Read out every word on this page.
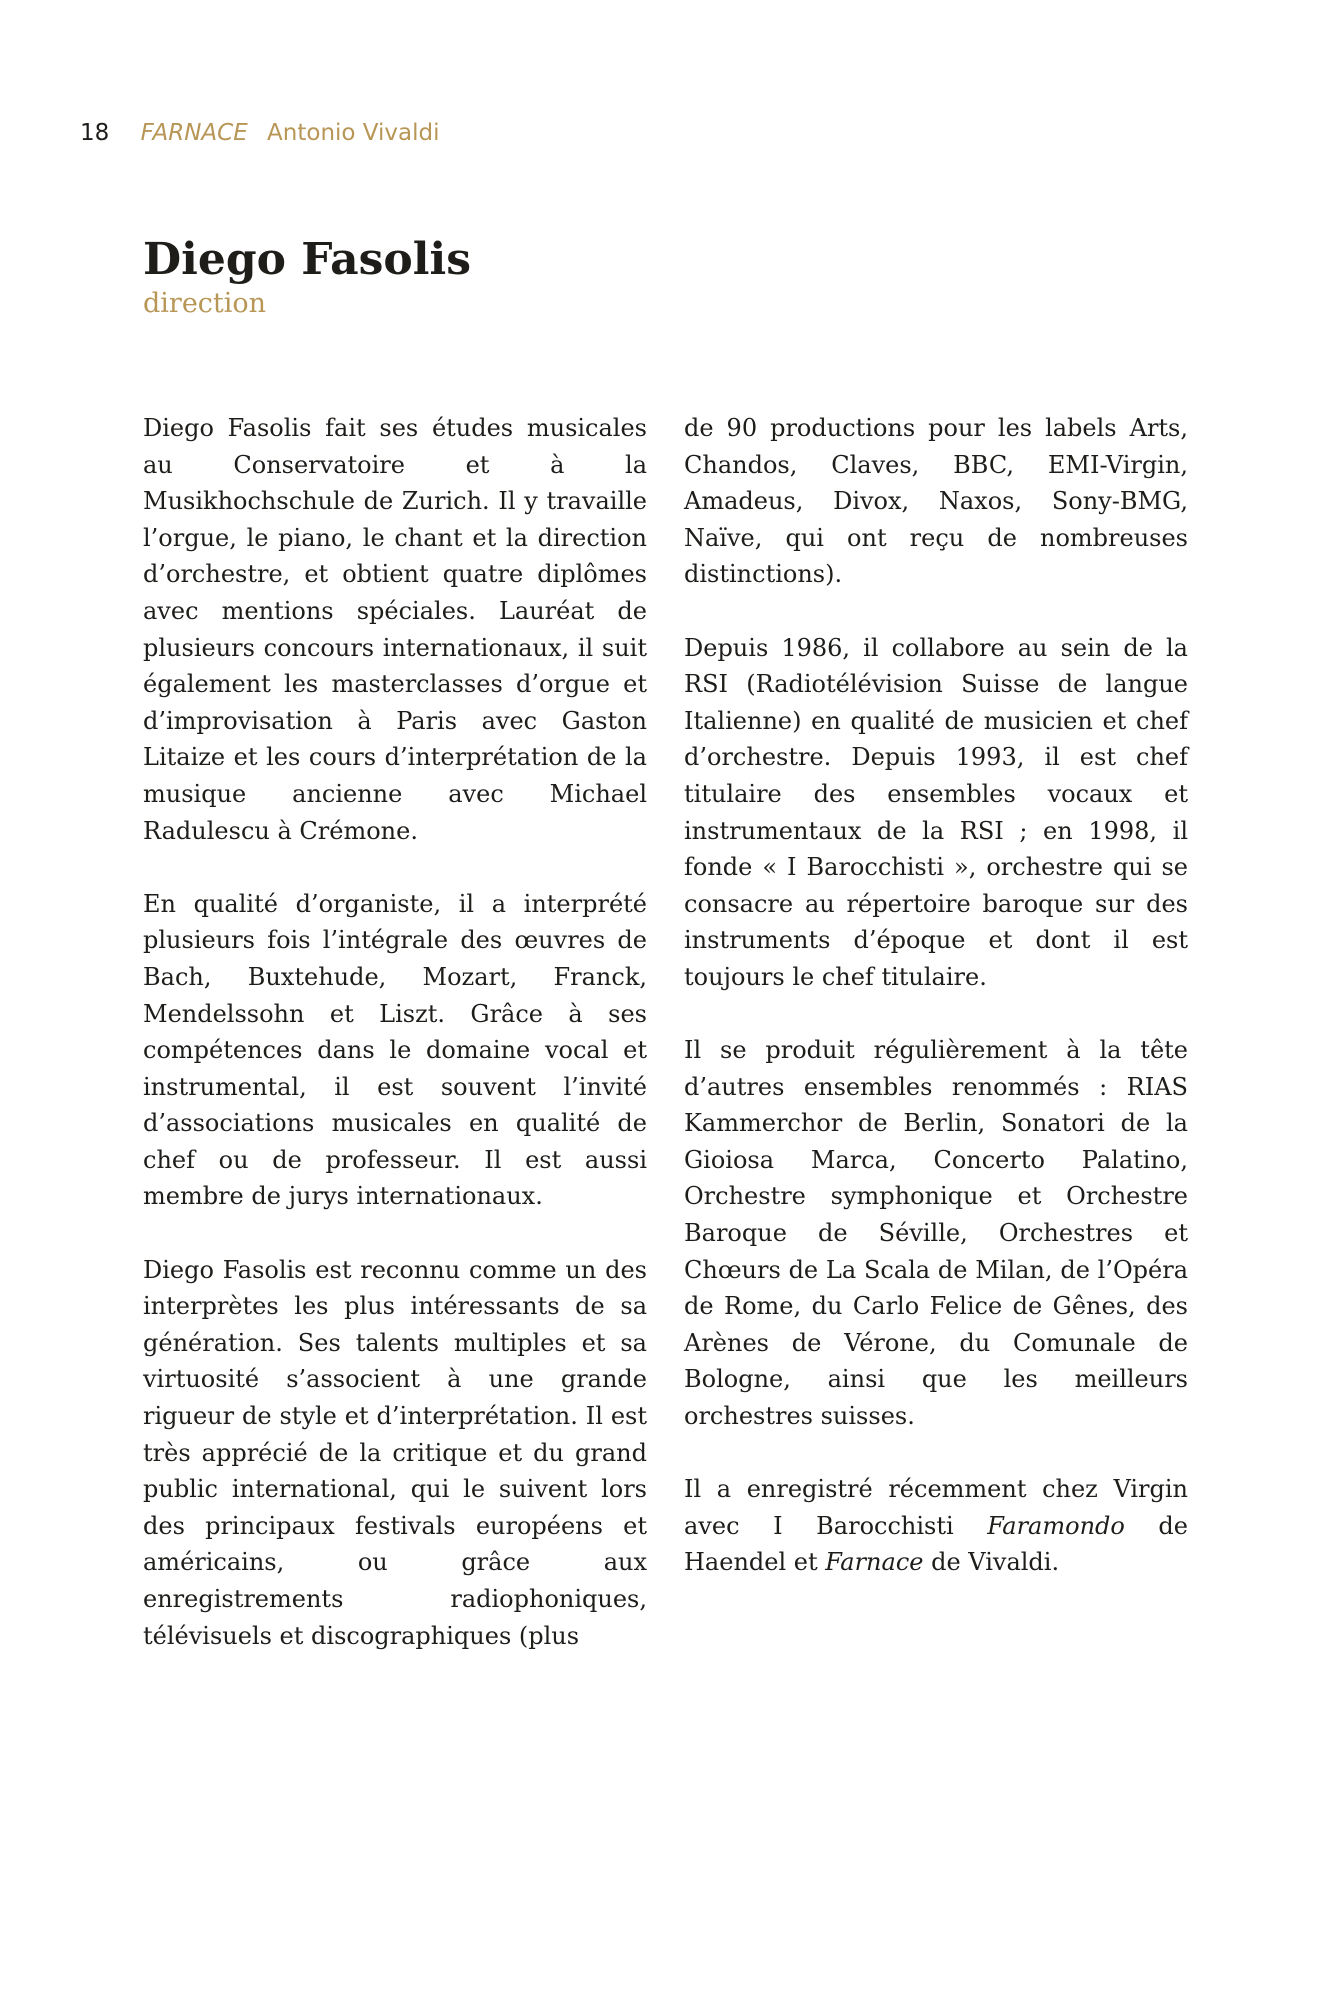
18 FARNACE Antonio Vivaldi
Diego Fasolis
direction

Diego Fasolis fait ses études musicales au Conservatoire et à la Musikhochschule de Zurich. Il y travaille l’orgue, le piano, le chant et la direction d’orchestre, et obtient quatre diplômes avec mentions spéciales. Lauréat de plusieurs concours internationaux, il suit également les masterclasses d’orgue et d’improvisation à Paris avec Gaston Litaize et les cours d’interprétation de la musique ancienne avec Michael Radulescu à Crémone.

En qualité d’organiste, il a interprété plusieurs fois l’intégrale des œuvres de Bach, Buxtehude, Mozart, Franck, Mendelssohn et Liszt. Grâce à ses compétences dans le domaine vocal et instrumental, il est souvent l’invité d’associations musicales en qualité de chef ou de professeur. Il est aussi membre de jurys internationaux.

Diego Fasolis est reconnu comme un des interprètes les plus intéressants de sa génération. Ses talents multiples et sa virtuosité s’associent à une grande rigueur de style et d’interprétation. Il est très apprécié de la critique et du grand public international, qui le suivent lors des principaux festivals européens et américains, ou grâce aux enregistrements radiophoniques, télévisuels et discographiques (plus

de 90 productions pour les labels Arts, Chandos, Claves, BBC, EMI-Virgin, Amadeus, Divox, Naxos, Sony-BMG, Naïve, qui ont reçu de nombreuses distinctions).

Depuis 1986, il collabore au sein de la RSI (Radiotélévision Suisse de langue Italienne) en qualité de musicien et chef d’orchestre. Depuis 1993, il est chef titulaire des ensembles vocaux et instrumentaux de la RSI ; en 1998, il fonde « I Barocchisti », orchestre qui se consacre au répertoire baroque sur des instruments d’époque et dont il est toujours le chef titulaire.

Il se produit régulièrement à la tête d’autres ensembles renommés : RIAS Kammerchor de Berlin, Sonatori de la Gioiosa Marca, Concerto Palatino, Orchestre symphonique et Orchestre Baroque de Séville, Orchestres et Chœurs de La Scala de Milan, de l’Opéra de Rome, du Carlo Felice de Gênes, des Arènes de Vérone, du Comunale de Bologne, ainsi que les meilleurs orchestres suisses.

Il a enregistré récemment chez Virgin avec I Barocchisti Faramondo de Haendel et Farnace de Vivaldi.
